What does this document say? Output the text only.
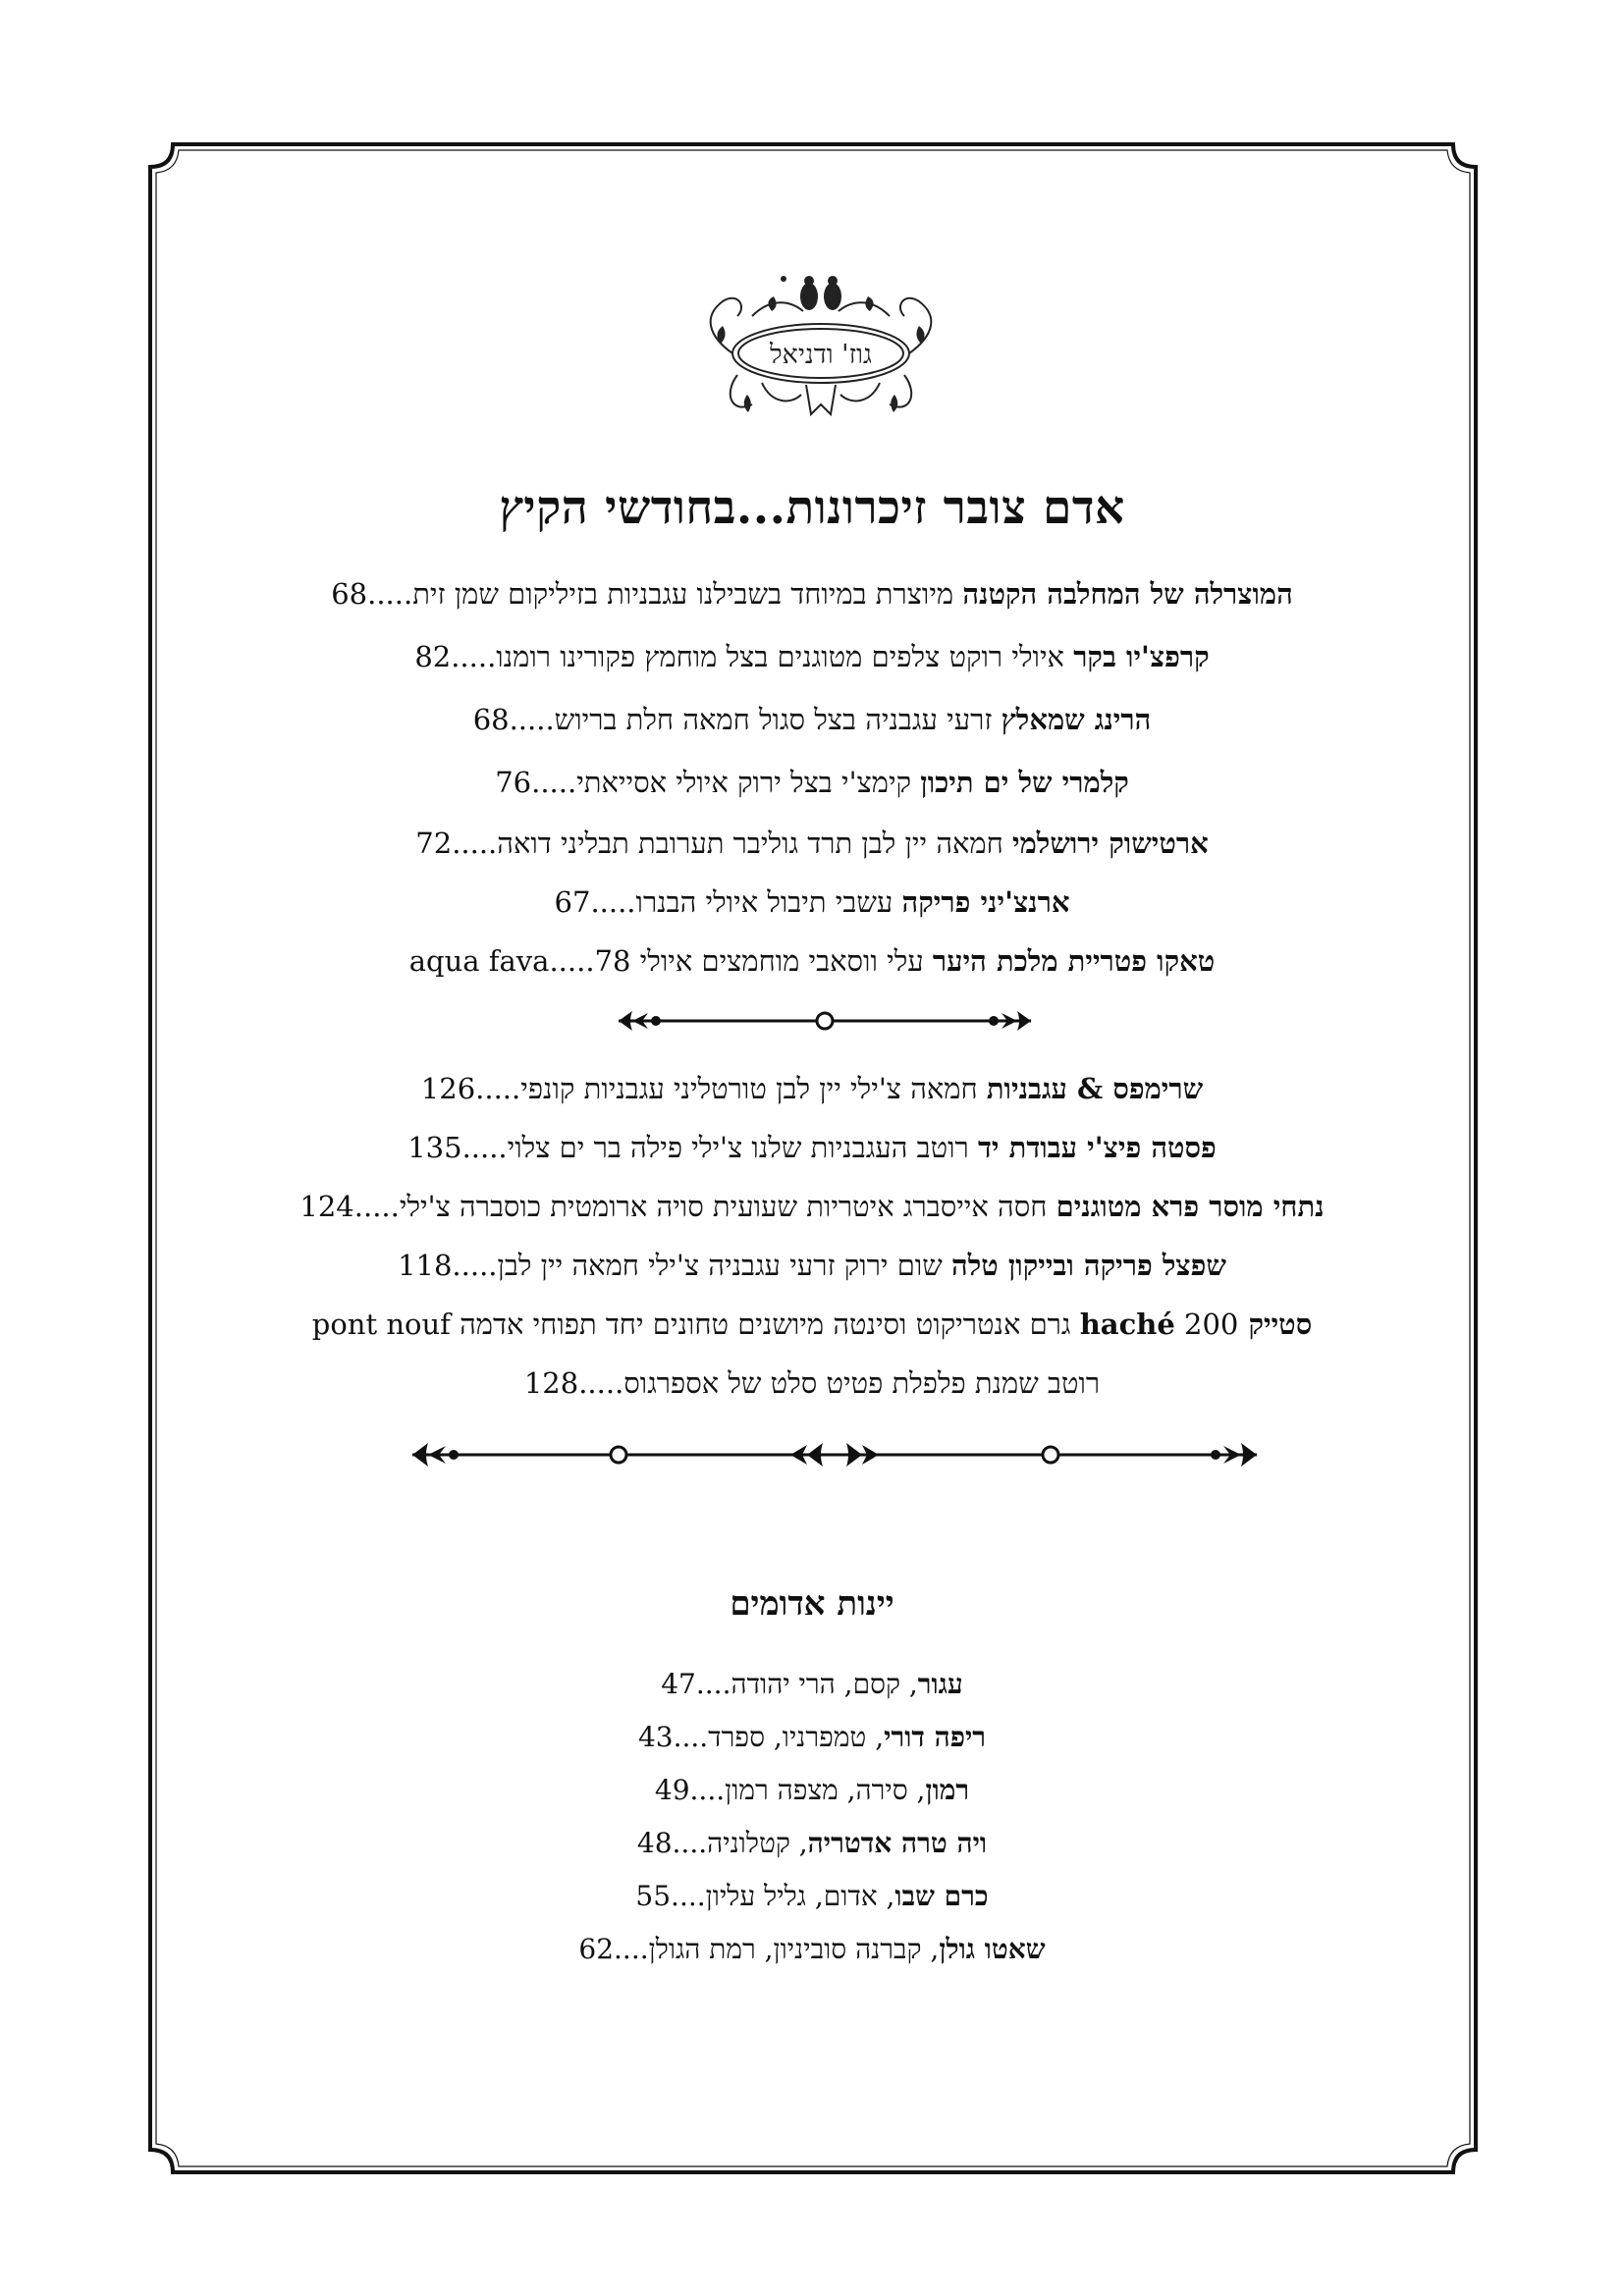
גוז' ודניאל
אדם צובר זיכרונות...בחודשי הקיץ

המוצרלה של המחלבה הקטנה מיוצרת במיוחד בשבילנו עגבניות בזיליקום שמן זית.....68

קרפצ'יו בקר איולי רוקט צלפים מטוגנים בצל מוחמץ פקורינו רומנו.....82

הרינג שמאלץ זרעי עגבניה בצל סגול חמאה חלת בריוש.....68

קלמרי של ים תיכון קימצ'י בצל ירוק איולי אסייאתי.....76

ארטישוק ירושלמי חמאה יין לבן תרד גוליבר תערובת תבליני דואה.....72

ארנצ'יני פריקה עשבי תיבול איולי הבנרו.....67

טאקו פטריית מלכת היער עלי ווסאבי מוחמצים איולי aqua fava.....78

שרימפס & עגבניות חמאה צ'ילי יין לבן טורטליני עגבניות קונפי.....126

פסטה פיצ'י עבודת יד רוטב העגבניות שלנו צ'ילי פילה בר ים צלוי.....135

נתחי מוסר פרא מטוגנים חסה אייסברג איטריות שעועית סויה ארומטית כוסברה צ'ילי.....124

שפצל פריקה ובייקון טלה שום ירוק זרעי עגבניה צ'ילי חמאה יין לבן.....118

סטייק haché 200 גרם אנטריקוט וסינטה מיושנים טחונים יחד תפוחי אדמה pont nouf

רוטב שמנת פלפלת פטיט סלט של אספרגוס.....128

יינות אדומים

עגור, קסם, הרי יהודה....47

ריפה דורי, טמפרניו, ספרד....43

רמון, סירה, מצפה רמון....49

ויה טרה אדטריה, קטלוניה....48

כרם שבו, אדום, גליל עליון....55

שאטו גולן, קברנה סוביניון, רמת הגולן....62
